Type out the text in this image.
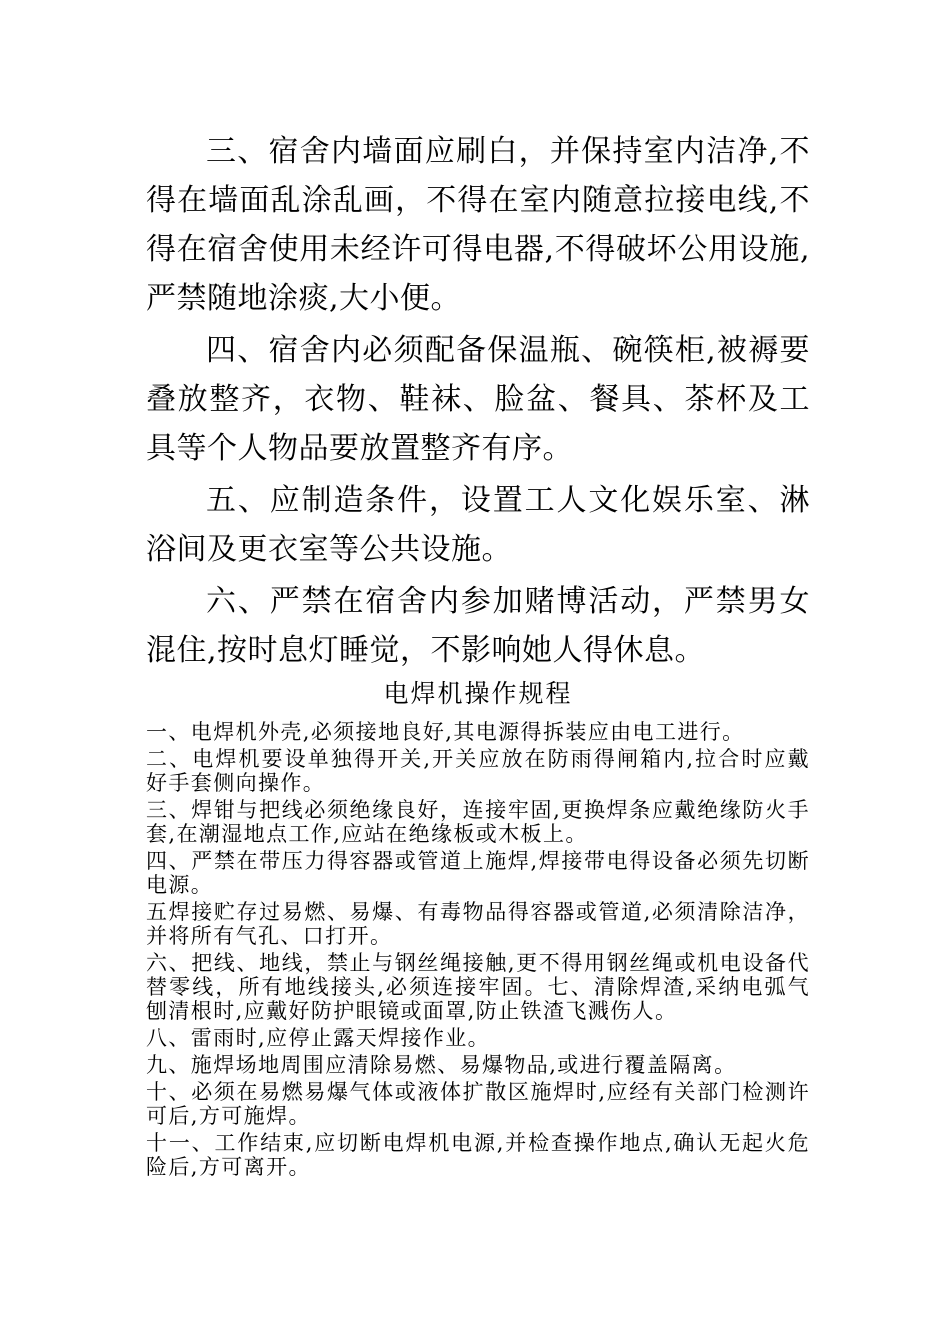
三、宿舍内墙面应刷白，并保持室内洁净,不得在墙面乱涂乱画，不得在室内随意拉接电线,不得在宿舍使用未经许可得电器,不得破坏公用设施,严禁随地涂痰,大小便。

四、宿舍内必须配备保温瓶、碗筷柜,被褥要叠放整齐，衣物、鞋袜、脸盆、餐具、茶杯及工具等个人物品要放置整齐有序。

五、应制造条件，设置工人文化娱乐室、淋浴间及更衣室等公共设施。

六、严禁在宿舍内参加赌博活动，严禁男女混住,按时息灯睡觉，不影响她人得休息。

电焊机操作规程

一、电焊机外壳,必须接地良好,其电源得拆装应由电工进行。

二、电焊机要设单独得开关,开关应放在防雨得闸箱内,拉合时应戴好手套侧向操作。

三、焊钳与把线必须绝缘良好，连接牢固,更换焊条应戴绝缘防火手套,在潮湿地点工作,应站在绝缘板或木板上。

四、严禁在带压力得容器或管道上施焊,焊接带电得设备必须先切断电源。

五焊接贮存过易燃、易爆、有毒物品得容器或管道,必须清除洁净，并将所有气孔、口打开。

六、把线、地线，禁止与钢丝绳接触,更不得用钢丝绳或机电设备代替零线，所有地线接头,必须连接牢固。七、清除焊渣,采纳电弧气刨清根时,应戴好防护眼镜或面罩,防止铁渣飞溅伤人。

八、雷雨时,应停止露天焊接作业。

九、施焊场地周围应清除易燃、易爆物品,或进行覆盖隔离。

十、必须在易燃易爆气体或液体扩散区施焊时,应经有关部门检测许可后,方可施焊。

十一、工作结束,应切断电焊机电源,并检查操作地点,确认无起火危险后,方可离开。
